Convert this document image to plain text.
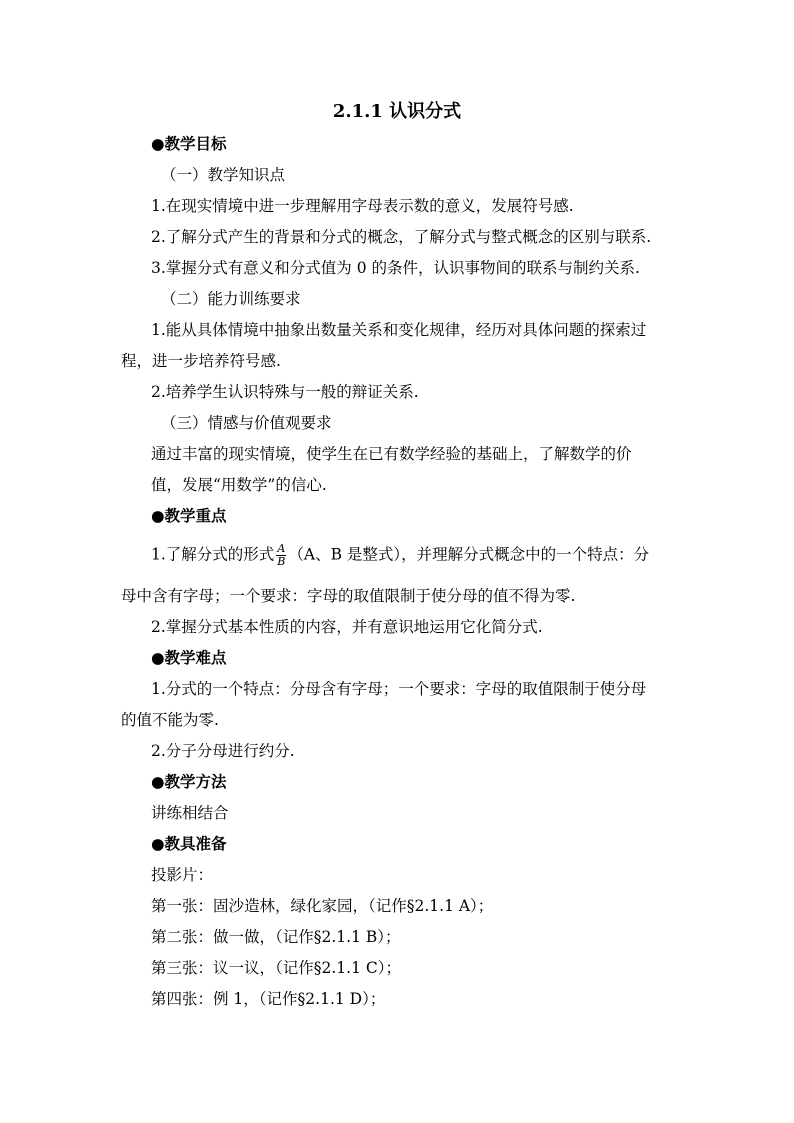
2.1.1 认识分式
●教学目标
（一）教学知识点
1.在现实情境中进一步理解用字母表示数的意义，发展符号感.
2.了解分式产生的背景和分式的概念，了解分式与整式概念的区别与联系.
3.掌握分式有意义和分式值为 0 的条件，认识事物间的联系与制约关系.
（二）能力训练要求
1.能从具体情境中抽象出数量关系和变化规律，经历对具体问题的探索过
程，进一步培养符号感.
2.培养学生认识特殊与一般的辩证关系.
（三）情感与价值观要求
通过丰富的现实情境，使学生在已有数学经验的基础上，了解数学的价
值，发展“用数学”的信心.
●教学重点
1.了解分式的形式 $\frac{A}{B} (A$、B 是整式），并理解分式概念中的一个特点：分
母中含有字母；一个要求：字母的取值限制于使分母的值不得为零.
2.掌握分式基本性质的内容，并有意识地运用它化简分式.
●教学难点
1.分式的一个特点：分母含有字母；一个要求：字母的取值限制于使分母
的值不能为零.
2.分子分母进行约分.
●教学方法
讲练相结合
●教具准备
投影片：
第一张：固沙造林，绿化家园，（记作§2.1.1 A）；
第二张：做一做，（记作§2.1.1 B）；
第三张：议一议，（记作§2.1.1 C）；
第四张：例 1，（记作§2.1.1 D）；
